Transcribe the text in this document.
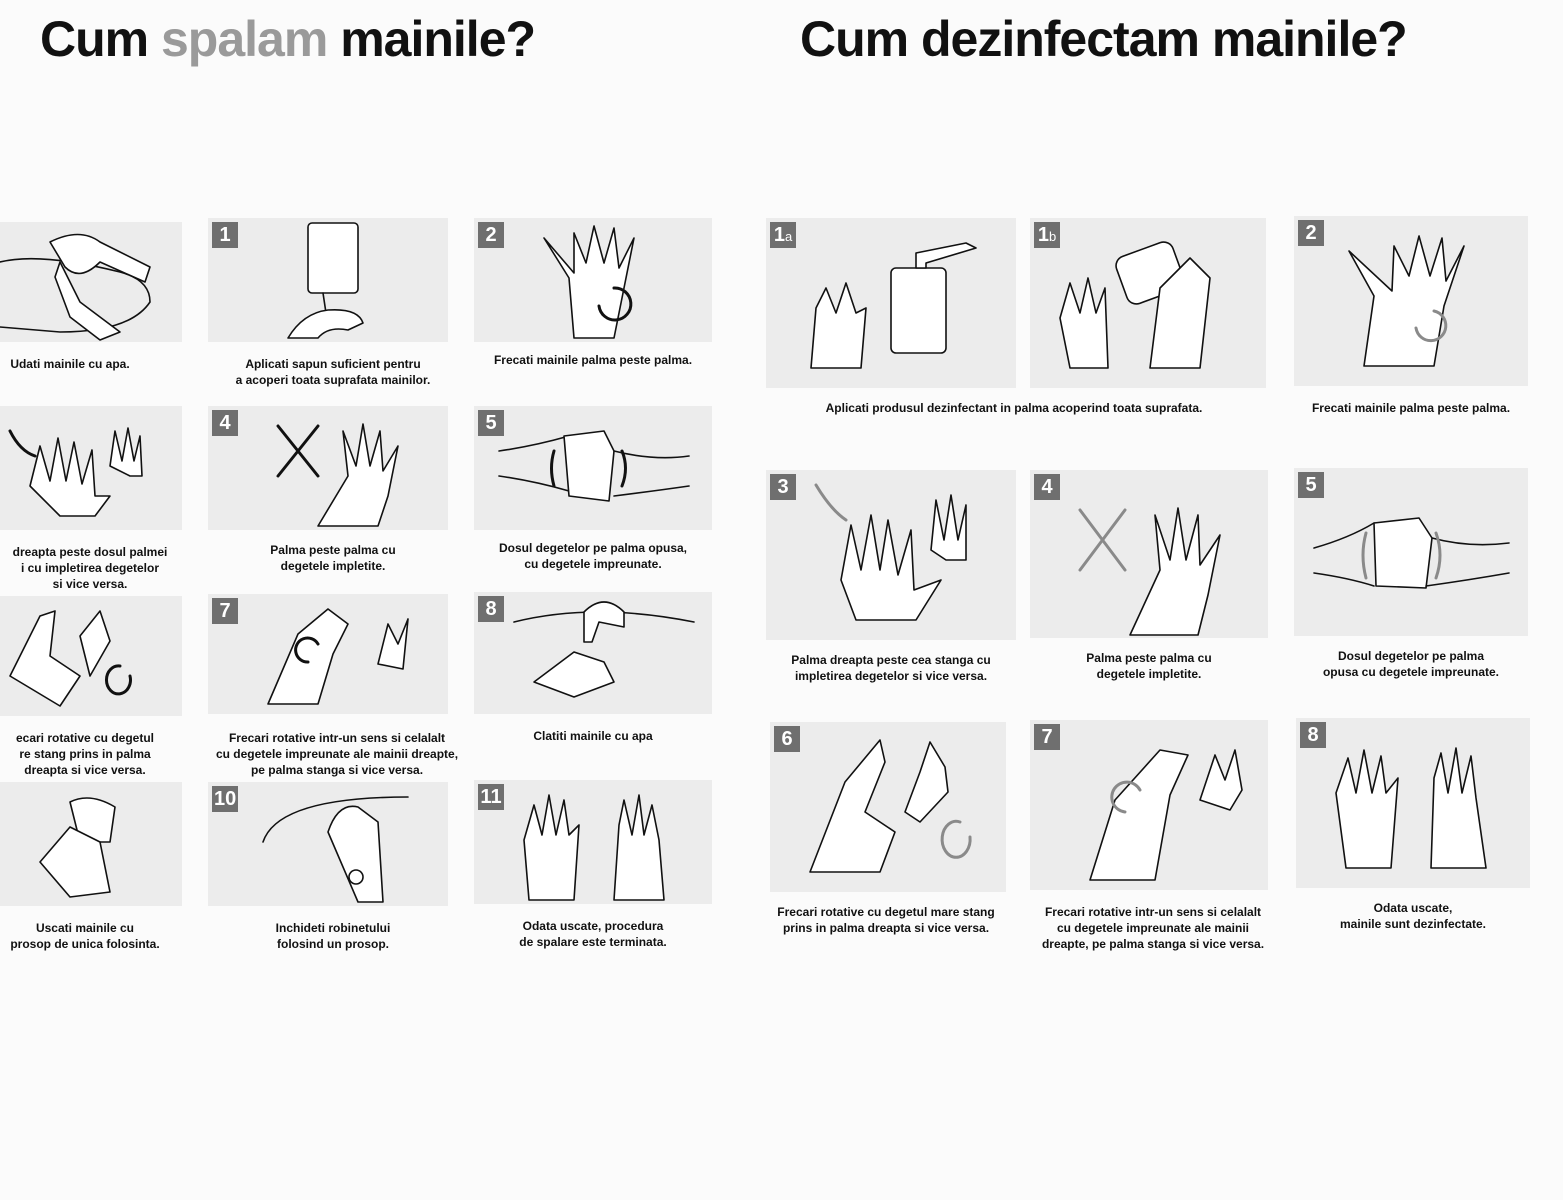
Cum spalam mainile?	Cum dezinfectam mainile?
Udati mainile cu apa.
1
Aplicati sapun suficient pentru
a acoperi toata suprafata mainilor.
2
Frecati mainile palma peste palma.
dreapta peste dosul palmei
i cu impletirea degetelor
si vice versa.
4
Palma peste palma cu
degetele impletite.
5
Dosul degetelor pe palma opusa,
cu degetele impreunate.
ecari rotative cu degetul
re stang prins in palma
dreapta si vice versa.
7
Frecari rotative intr-un sens si celalalt
cu degetele impreunate ale mainii dreapte,
pe palma stanga si vice versa.
8
Clatiti mainile cu apa
Uscati mainile cu
prosop de unica folosinta.
10
Inchideti robinetului
folosind un prosop.
11
Odata uscate, procedura
de spalare este terminata.
1a	1b
Aplicati produsul dezinfectant in palma acoperind toata suprafata.
2
Frecati mainile palma peste palma.
3
Palma dreapta peste cea stanga cu
impletirea degetelor si vice versa.
4
Palma peste palma cu
degetele impletite.
5
Dosul degetelor pe palma
opusa cu degetele impreunate.
6
Frecari rotative cu degetul mare stang
prins in palma dreapta si vice versa.
7
Frecari rotative intr-un sens si celalalt
cu degetele impreunate ale mainii
dreapte, pe palma stanga si vice versa.
8
Odata uscate,
mainile sunt dezinfectate.
